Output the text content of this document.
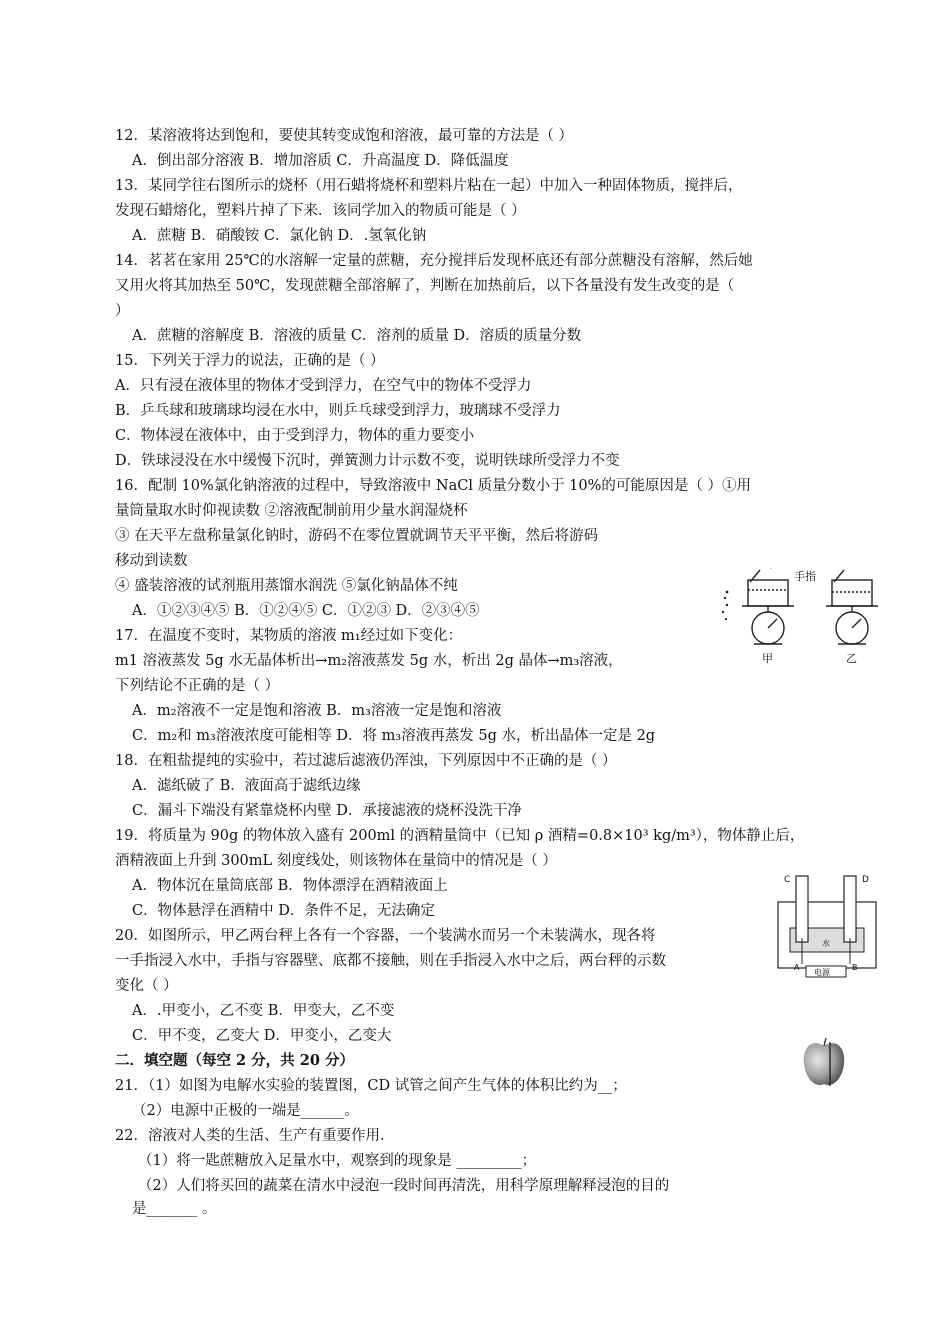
12．某溶液将达到饱和，要使其转变成饱和溶液，最可靠的方法是（ ）
A．倒出部分溶液 B．增加溶质 C．升高温度 D．降低温度
13．某同学往右图所示的烧杯（用石蜡将烧杯和塑料片粘在一起）中加入一种固体物质，搅拌后，
发现石蜡熔化，塑料片掉了下来．该同学加入的物质可能是（ ）
A．蔗糖 B．硝酸铵 C．氯化钠 D．.氢氧化钠
14．茗茗在家用 25℃的水溶解一定量的蔗糖，充分搅拌后发现杯底还有部分蔗糖没有溶解，然后她
又用火将其加热至 50℃，发现蔗糖全部溶解了，判断在加热前后，以下各量没有发生改变的是（
）
A．蔗糖的溶解度 B．溶液的质量 C．溶剂的质量 D．溶质的质量分数
15．下列关于浮力的说法，正确的是（ ）
A．只有浸在液体里的物体才受到浮力，在空气中的物体不受浮力
B．乒乓球和玻璃球均浸在水中，则乒乓球受到浮力，玻璃球不受浮力
C．物体浸在液体中，由于受到浮力，物体的重力要变小
D．铁球浸没在水中缓慢下沉时，弹簧测力计示数不变，说明铁球所受浮力不变
16．配制 10%氯化钠溶液的过程中，导致溶液中 NaCl 质量分数小于 10%的可能原因是（ ）①用
量筒量取水时仰视读数 ②溶液配制前用少量水润湿烧杯
③ 在天平左盘称量氯化钠时，游码不在零位置就调节天平平衡，然后将游码
移动到读数
④ 盛装溶液的试剂瓶用蒸馏水润洗 ⑤氯化钠晶体不纯
A．①②③④⑤ B．①②④⑤ C．①②③ D．②③④⑤
17．在温度不变时，某物质的溶液 m₁经过如下变化：
m1 溶液蒸发 5g 水无晶体析出→m₂溶液蒸发 5g 水，析出 2g 晶体→m₃溶液，
下列结论不正确的是（ ）
A．m₂溶液不一定是饱和溶液 B．m₃溶液一定是饱和溶液
C．m₂和 m₃溶液浓度可能相等 D．将 m₃溶液再蒸发 5g 水，析出晶体一定是 2g
18．在粗盐提纯的实验中，若过滤后滤液仍浑浊，下列原因中不正确的是（ ）
A．滤纸破了 B．液面高于滤纸边缘
C．漏斗下端没有紧靠烧杯内壁 D．承接滤液的烧杯没洗干净
19．将质量为 90g 的物体放入盛有 200ml 的酒精量筒中（已知 ρ 酒精=0.8×10³ kg/m³），物体静止后，
酒精液面上升到 300mL 刻度线处，则该物体在量筒中的情况是（ ）
A．物体沉在量筒底部 B．物体漂浮在酒精液面上
C．物体悬浮在酒精中 D．条件不足，无法确定
20．如图所示，甲乙两台秤上各有一个容器，一个装满水而另一个未装满水，现各将
一手指浸入水中，手指与容器壁、底都不接触，则在手指浸入水中之后，两台秤的示数
变化（ ）
A．.甲变小，乙不变 B．甲变大，乙不变
C．甲不变，乙变大 D．甲变小，乙变大
二．填空题（每空 2 分，共 20 分）
21．（1）如图为电解水实验的装置图，CD 试管之间产生气体的体积比约为__；
（2）电源中正极的一端是______。
22．溶液对人类的生活、生产有重要作用．
（1）将一匙蔗糖放入足量水中，观察到的现象是 _________；
（2）人们将买回的蔬菜在清水中浸泡一段时间再清洗，用科学原理解释浸泡的目的
是_______ 。
手指
甲	乙
C	D
A	B
水
电源
